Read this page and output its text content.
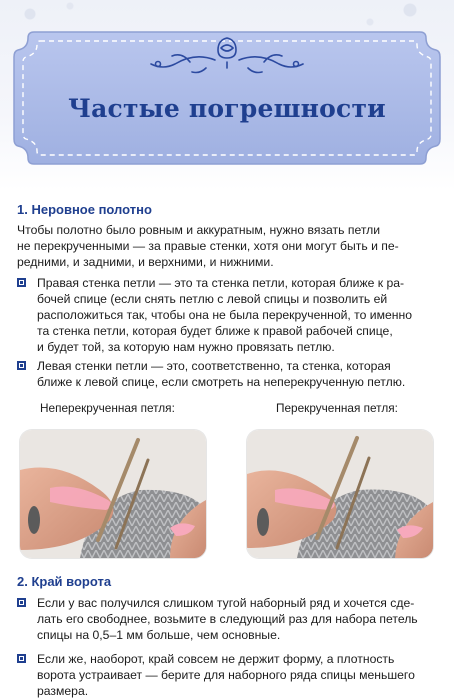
Частые погрешности
1. Неровное полотно
Чтобы полотно было ровным и аккуратным, нужно вязать петли
не перекрученными — за правые стенки, хотя они могут быть и пе-
редними, и задними, и верхними, и нижними.
Правая стенка петли — это та стенка петли, которая ближе к ра-
бочей спице (если снять петлю с левой спицы и позволить ей
расположиться так, чтобы она не была перекрученной, то именно
та стенка петли, которая будет ближе к правой рабочей спице,
и будет той, за которую нам нужно провязать петлю.
Левая стенки петли — это, соответственно, та стенка, которая
ближе к левой спице, если смотреть на неперекрученную петлю.
Неперекрученная петля:	Перекрученная петля:
2. Край ворота
Если у вас получился слишком тугой наборный ряд и хочется сде-
лать его свободнее, возьмите в следующий раз для набора петель
спицы на 0,5–1 мм больше, чем основные.
Если же, наоборот, край совсем не держит форму, а плотность
ворота устраивает — берите для наборного ряда спицы меньшего
размера.
